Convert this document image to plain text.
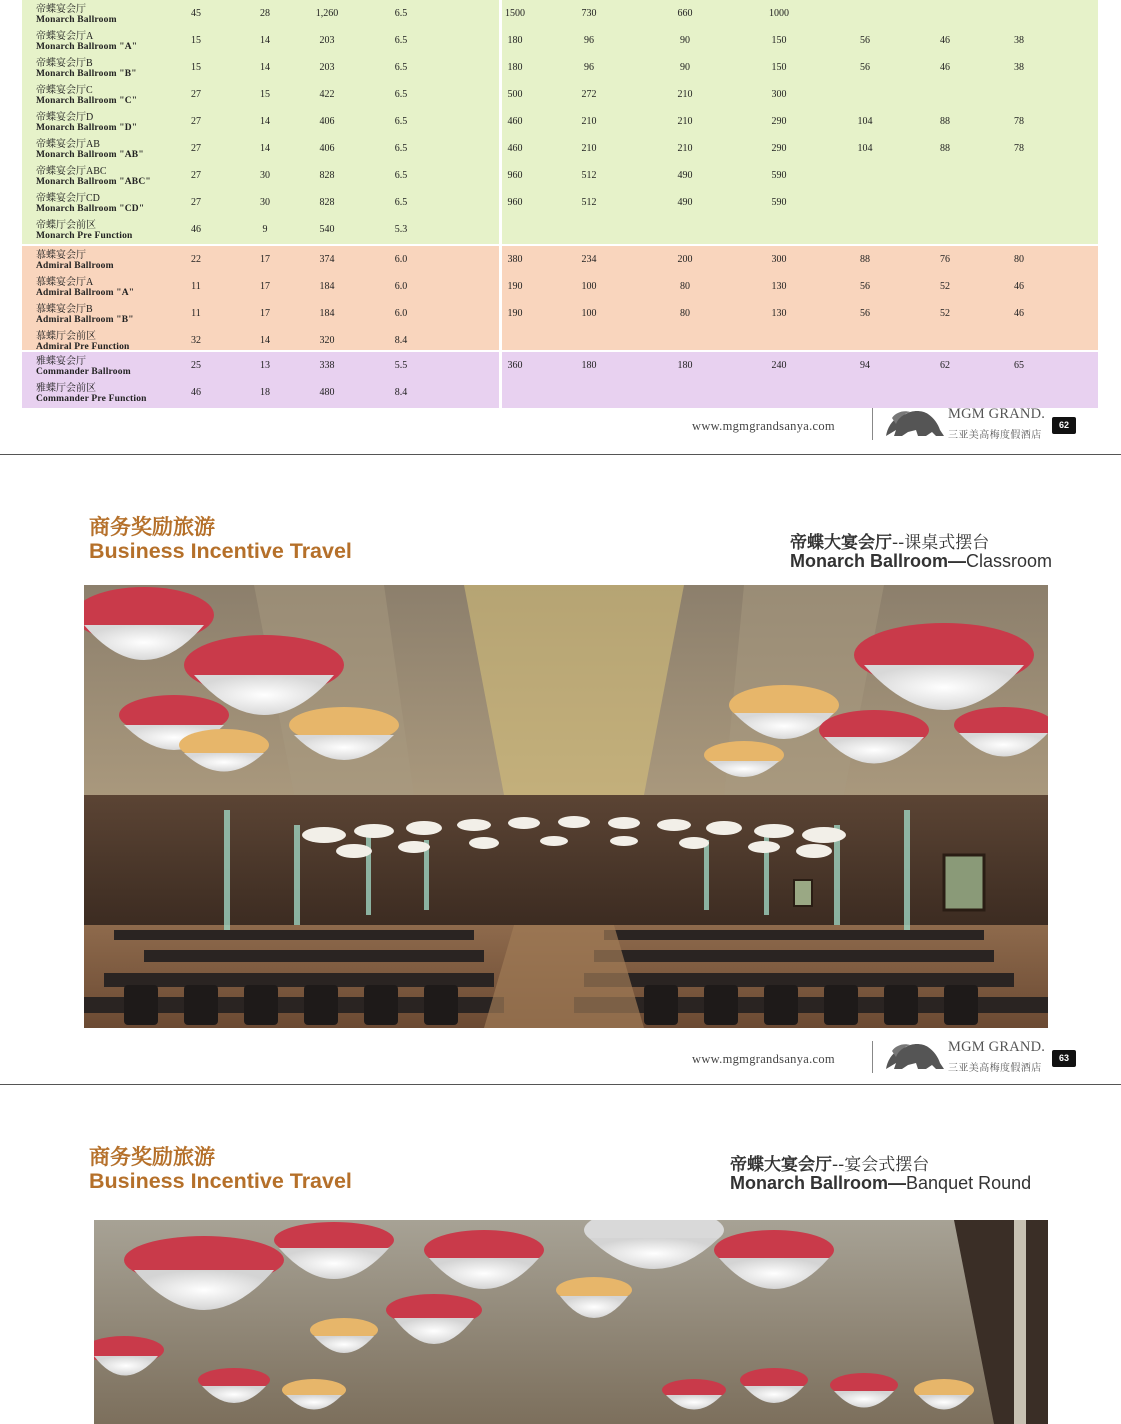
帝蝶宴会厅
Monarch Ballroom
45	28	1,260	6.5	1500	730	660	1000
帝蝶宴会厅A
Monarch Ballroom "A"
15	14	203	6.5	180	96	90	150	56	46	38
帝蝶宴会厅B
Monarch Ballroom "B"
15	14	203	6.5	180	96	90	150	56	46	38
帝蝶宴会厅C
Monarch Ballroom "C"
27	15	422	6.5	500	272	210	300
帝蝶宴会厅D
Monarch Ballroom "D"
27	14	406	6.5	460	210	210	290	104	88	78
帝蝶宴会厅AB
Monarch Ballroom "AB"
27	14	406	6.5	460	210	210	290	104	88	78
帝蝶宴会厅ABC
Monarch Ballroom "ABC"
27	30	828	6.5	960	512	490	590
帝蝶宴会厅CD
Monarch Ballroom "CD"
27	30	828	6.5	960	512	490	590
帝蝶厅会前区
Monarch Pre Function
46	9	540	5.3
慕蝶宴会厅
Admiral Ballroom
22	17	374	6.0	380	234	200	300	88	76	80
慕蝶宴会厅A
Admiral Ballroom "A"
11	17	184	6.0	190	100	80	130	56	52	46
慕蝶宴会厅B
Admiral Ballroom "B"
11	17	184	6.0	190	100	80	130	56	52	46
慕蝶厅会前区
Admiral Pre Function
32	14	320	8.4
雅蝶宴会厅
Commander Ballroom
25	13	338	5.5	360	180	180	240	94	62	65
雅蝶厅会前区
Commander Pre Function
46	18	480	8.4
www.mgmgrandsanya.com
MGM GRAND.
三亚美高梅度假酒店
62
商务奖励旅游
Business Incentive Travel	帝蝶大宴会厅--课桌式摆台
Monarch Ballroom—Classroom
www.mgmgrandsanya.com
MGM GRAND.
三亚美高梅度假酒店
63
商务奖励旅游
Business Incentive Travel
帝蝶大宴会厅--宴会式摆台
Monarch Ballroom—Banquet Round
